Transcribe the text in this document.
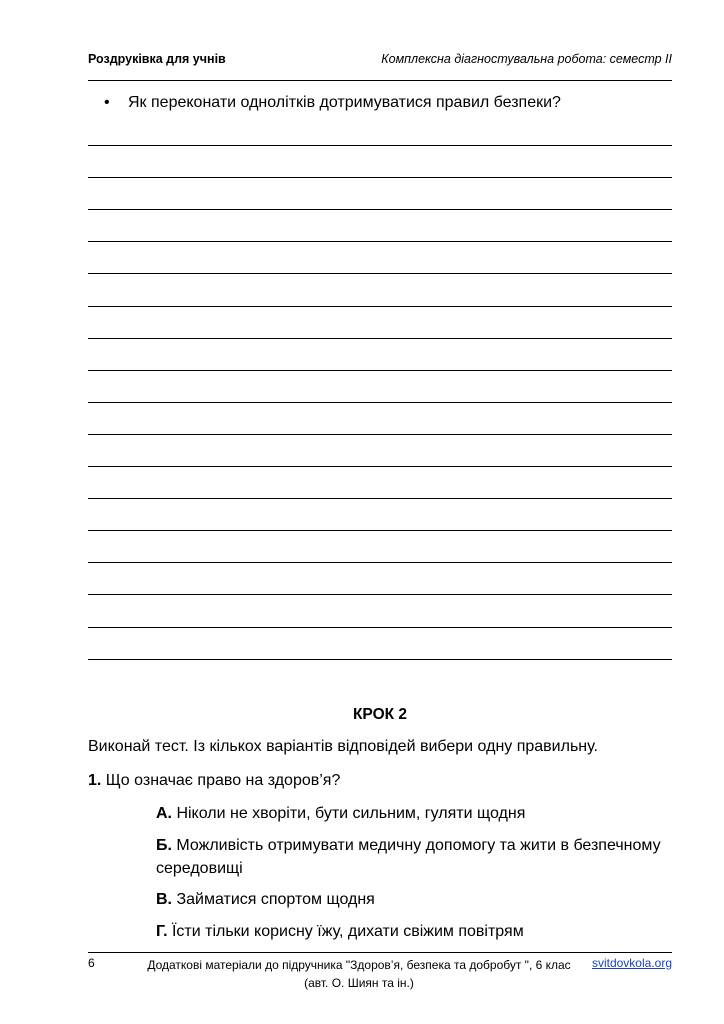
Роздруківка для учнів	Комплексна діагностувальна робота: семестр ІІ
• Як переконати однолітків дотримуватися правил безпеки?
КРОК 2
Виконай тест. Із кількох варіантів відповідей вибери одну правильну.
1. Що означає право на здоров’я?
А. Ніколи не хворіти, бути сильним, гуляти щодня
Б. Можливість отримувати медичну допомогу та жити в безпечному середовищі
В. Займатися спортом щодня
Г. Їсти тільки корисну їжу, дихати свіжим повітрям
6	Додаткові матеріали до підручника "Здоров’я, безпека та добробут ", 6 клас
(авт. О. Шиян та ін.)
svitdovkola.org
